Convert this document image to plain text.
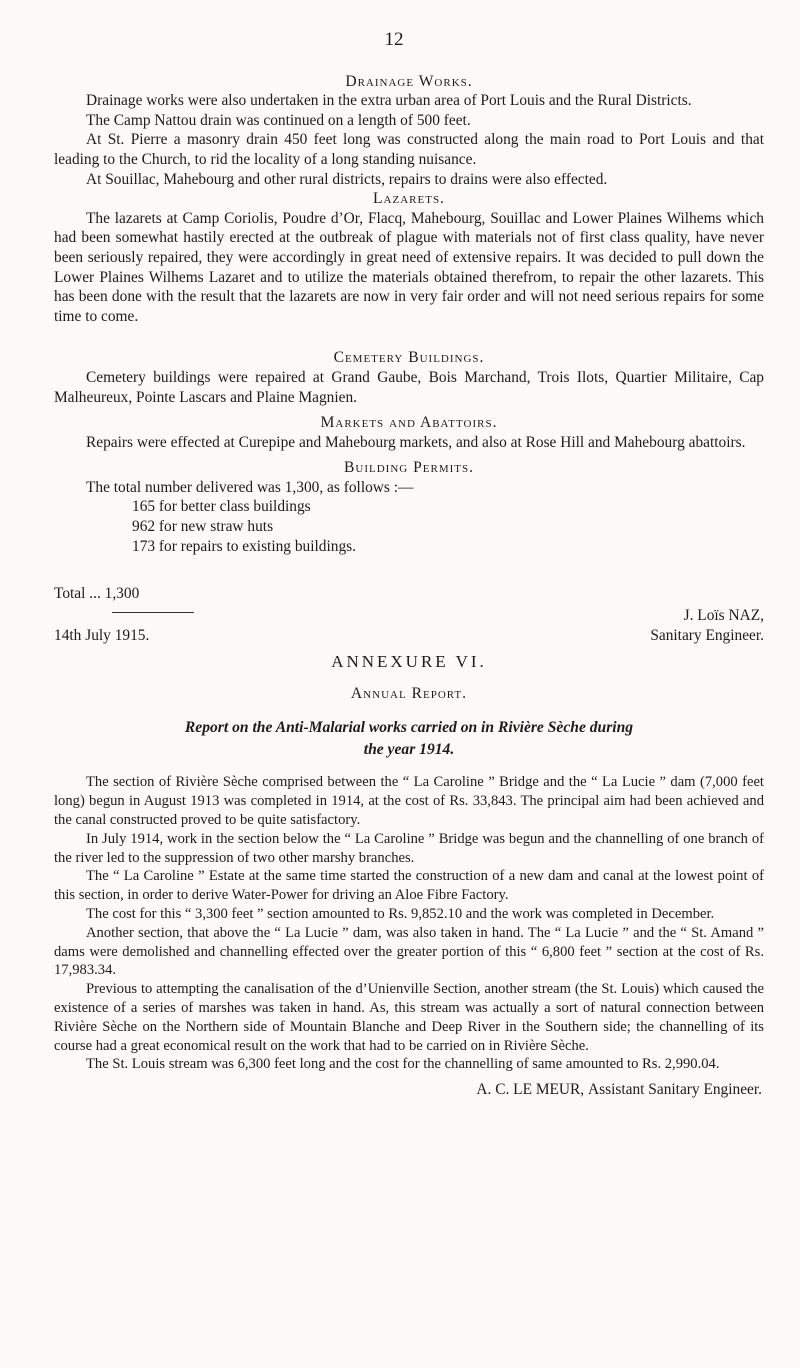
12
Drainage Works.

Drainage works were also undertaken in the extra urban area of Port Louis and the Rural Districts.

The Camp Nattou drain was continued on a length of 500 feet.

At St. Pierre a masonry drain 450 feet long was constructed along the main road to Port Louis and that leading to the Church, to rid the locality of a long standing nuisance.

At Souillac, Mahebourg and other rural districts, repairs to drains were also effected.

Lazarets.

The lazarets at Camp Coriolis, Poudre d’Or, Flacq, Mahebourg, Souillac and Lower Plaines Wilhems which had been somewhat hastily erected at the outbreak of plague with materials not of first class quality, have never been seriously repaired, they were accordingly in great need of extensive repairs. It was decided to pull down the Lower Plaines Wilhems Lazaret and to utilize the materials obtained therefrom, to repair the other lazarets. This has been done with the result that the lazarets are now in very fair order and will not need serious repairs for some time to come.

Cemetery Buildings.

Cemetery buildings were repaired at Grand Gaube, Bois Marchand, Trois Ilots, Quartier Militaire, Cap Malheureux, Pointe Lascars and Plaine Magnien.

Markets and Abattoirs.

Repairs were effected at Curepipe and Mahebourg markets, and also at Rose Hill and Mahebourg abattoirs.

Building Permits.

The total number delivered was 1,300, as follows :—

165 for better class buildings
962 for new straw huts
173 for repairs to existing buildings.
Total ... 1,300
14th July 1915.
J. Loïs NAZ,
Sanitary Engineer.
ANNEXURE VI.
Annual Report.
Report on the Anti-Malarial works carried on in Rivière Sèche during
the year 1914.

The section of Rivière Sèche comprised between the “ La Caroline ” Bridge and the “ La Lucie ” dam (7,000 feet long) begun in August 1913 was completed in 1914, at the cost of Rs. 33,843. The principal aim had been achieved and the canal constructed proved to be quite satisfactory.

In July 1914, work in the section below the “ La Caroline ” Bridge was begun and the channelling of one branch of the river led to the suppression of two other marshy branches.

The “ La Caroline ” Estate at the same time started the construction of a new dam and canal at the lowest point of this section, in order to derive Water-Power for driving an Aloe Fibre Factory.

The cost for this “ 3,300 feet ” section amounted to Rs. 9,852.10 and the work was completed in December.

Another section, that above the “ La Lucie ” dam, was also taken in hand. The “ La Lucie ” and the “ St. Amand ” dams were demolished and channelling effected over the greater portion of this “ 6,800 feet ” section at the cost of Rs. 17,983.34.

Previous to attempting the canalisation of the d’Unienville Section, another stream (the St. Louis) which caused the existence of a series of marshes was taken in hand. As, this stream was actually a sort of natural connection between Rivière Sèche on the Northern side of Mountain Blanche and Deep River in the Southern side; the channelling of its course had a great economical result on the work that had to be carried on in Rivière Sèche.

The St. Louis stream was 6,300 feet long and the cost for the channelling of same amounted to Rs. 2,990.04.

A. C. LE MEUR, Assistant Sanitary Engineer.
